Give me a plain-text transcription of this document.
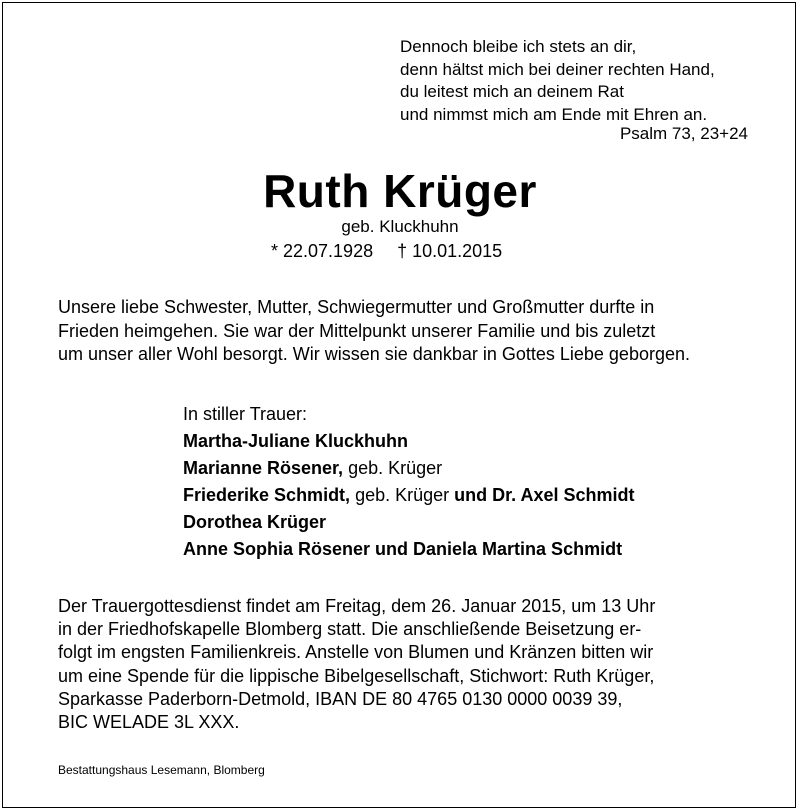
Dennoch bleibe ich stets an dir,
denn hältst mich bei deiner rechten Hand,
du leitest mich an deinem Rat
und nimmst mich am Ende mit Ehren an.
Psalm 73, 23+24
Ruth Krüger
geb. Kluckhuhn
* 22.07.1928 † 10.01.2015
Unsere liebe Schwester, Mutter, Schwiegermutter und Großmutter durfte in
Frieden heimgehen. Sie war der Mittelpunkt unserer Familie und bis zuletzt
um unser aller Wohl besorgt. Wir wissen sie dankbar in Gottes Liebe geborgen.
In stiller Trauer:
Martha-Juliane Kluckhuhn
Marianne Rösener, geb. Krüger
Friederike Schmidt, geb. Krüger und Dr. Axel Schmidt
Dorothea Krüger
Anne Sophia Rösener und Daniela Martina Schmidt
Der Trauergottesdienst findet am Freitag, dem 26. Januar 2015, um 13 Uhr
in der Friedhofskapelle Blomberg statt. Die anschließende Beisetzung er-
folgt im engsten Familienkreis. Anstelle von Blumen und Kränzen bitten wir
um eine Spende für die lippische Bibelgesellschaft, Stichwort: Ruth Krüger,
Sparkasse Paderborn-Detmold, IBAN DE 80 4765 0130 0000 0039 39,
BIC WELADE 3L XXX.
Bestattungshaus Lesemann, Blomberg
